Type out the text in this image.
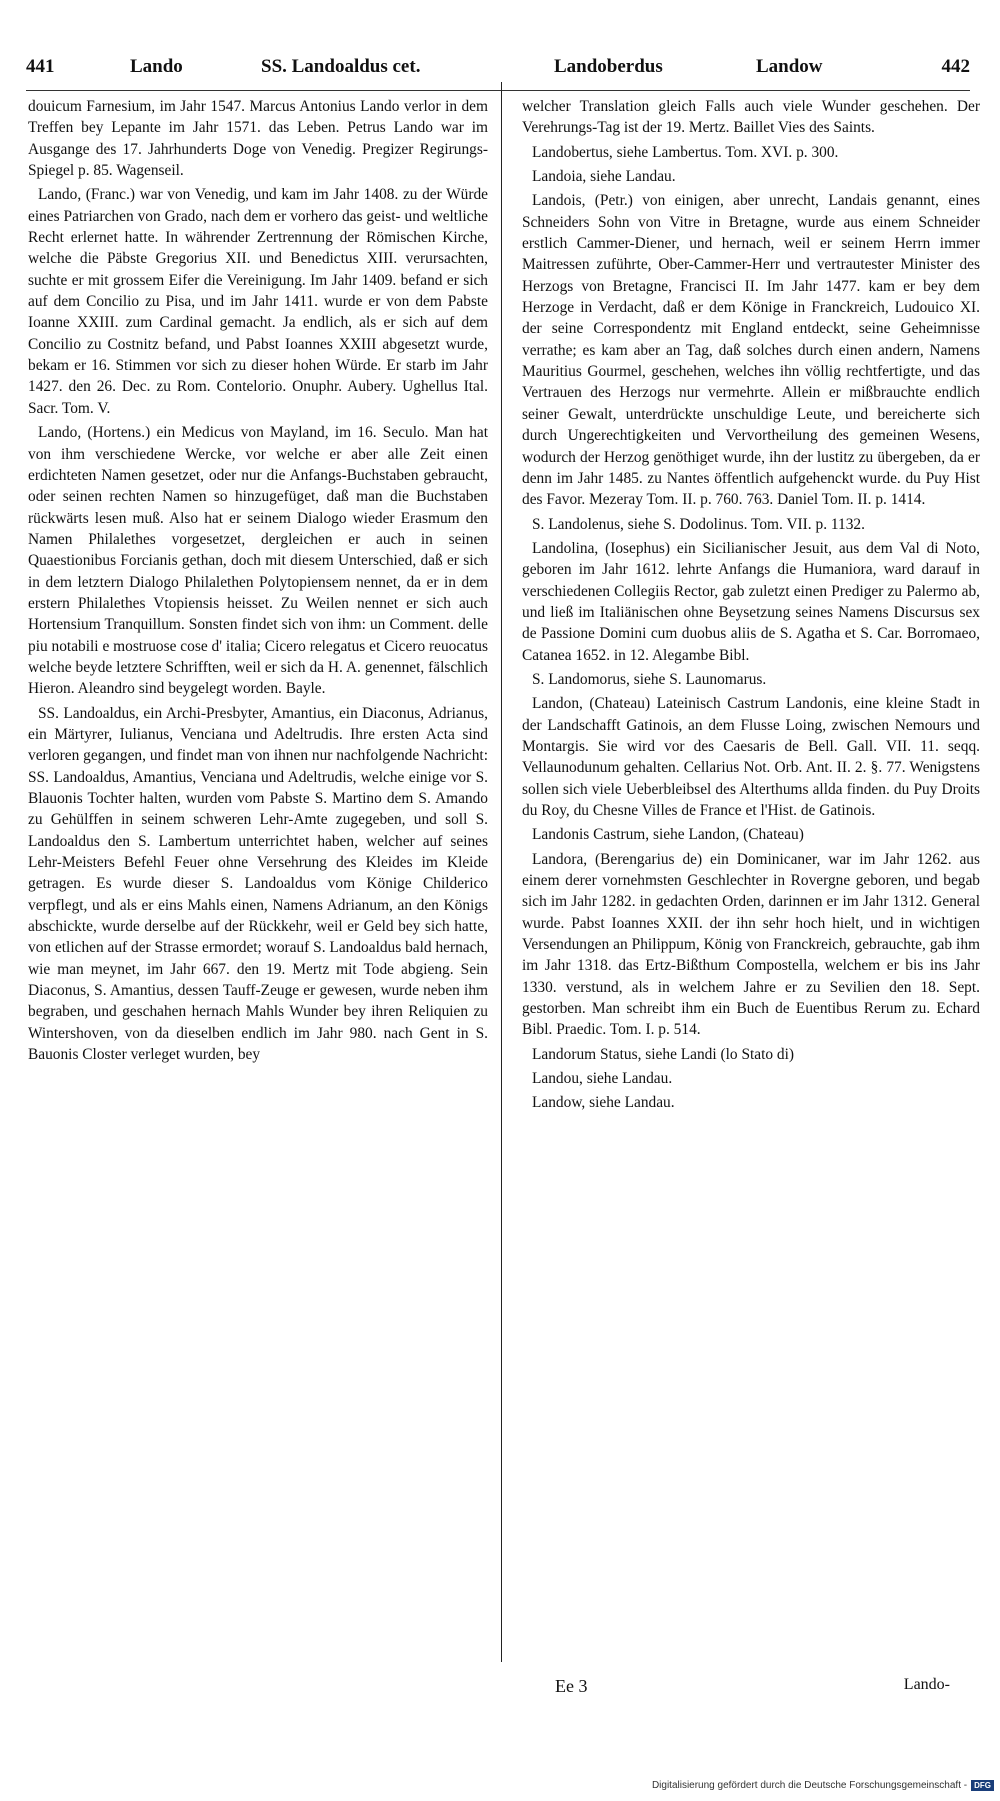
441	Lando	SS. Landoaldus cet.	Landoberdus	Landow	442

douicum Farnesium, im Jahr 1547. Marcus Antonius Lando verlor in dem Treffen bey Lepante im Jahr 1571. das Leben. Petrus Lando war im Ausgange des 17. Jahrhunderts Doge von Venedig. Pregizer Regirungs-Spiegel p. 85. Wagenseil.

Lando, (Franc.) war von Venedig, und kam im Jahr 1408. zu der Würde eines Patriarchen von Grado, nach dem er vorhero das geist- und weltliche Recht erlernet hatte. In währender Zertrennung der Römischen Kirche, welche die Päbste Gregorius XII. und Benedictus XIII. verursachten, suchte er mit grossem Eifer die Vereinigung. Im Jahr 1409. befand er sich auf dem Concilio zu Pisa, und im Jahr 1411. wurde er von dem Pabste Ioanne XXIII. zum Cardinal gemacht. Ja endlich, als er sich auf dem Concilio zu Costnitz befand, und Pabst Ioannes XXIII abgesetzt wurde, bekam er 16. Stimmen vor sich zu dieser hohen Würde. Er starb im Jahr 1427. den 26. Dec. zu Rom. Contelorio. Onuphr. Aubery. Ughellus Ital. Sacr. Tom. V.

Lando, (Hortens.) ein Medicus von Mayland, im 16. Seculo. Man hat von ihm verschiedene Wercke, vor welche er aber alle Zeit einen erdichteten Namen gesetzet, oder nur die Anfangs-Buchstaben gebraucht, oder seinen rechten Namen so hinzugefüget, daß man die Buchstaben rückwärts lesen muß. Also hat er seinem Dialogo wieder Erasmum den Namen Philalethes vorgesetzet, dergleichen er auch in seinen Quaestionibus Forcianis gethan, doch mit diesem Unterschied, daß er sich in dem letztern Dialogo Philalethen Polytopiensem nennet, da er in dem erstern Philalethes Vtopiensis heisset. Zu Weilen nennet er sich auch Hortensium Tranquillum. Sonsten findet sich von ihm: un Comment. delle piu notabili e mostruose cose d' italia; Cicero relegatus et Cicero reuocatus welche beyde letztere Schrifften, weil er sich da H. A. genennet, fälschlich Hieron. Aleandro sind beygelegt worden. Bayle.

SS. Landoaldus, ein Archi-Presbyter, Amantius, ein Diaconus, Adrianus, ein Märtyrer, Iulianus, Venciana und Adeltrudis. Ihre ersten Acta sind verloren gegangen, und findet man von ihnen nur nachfolgende Nachricht: SS. Landoaldus, Amantius, Venciana und Adeltrudis, welche einige vor S. Blauonis Tochter halten, wurden vom Pabste S. Martino dem S. Amando zu Gehülffen in seinem schweren Lehr-Amte zugegeben, und soll S. Landoaldus den S. Lambertum unterrichtet haben, welcher auf seines Lehr-Meisters Befehl Feuer ohne Versehrung des Kleides im Kleide getragen. Es wurde dieser S. Landoaldus vom Könige Childerico verpflegt, und als er eins Mahls einen, Namens Adrianum, an den Königs abschickte, wurde derselbe auf der Rückkehr, weil er Geld bey sich hatte, von etlichen auf der Strasse ermordet; worauf S. Landoaldus bald hernach, wie man meynet, im Jahr 667. den 19. Mertz mit Tode abgieng. Sein Diaconus, S. Amantius, dessen Tauff-Zeuge er gewesen, wurde neben ihm begraben, und geschahen hernach Mahls Wunder bey ihren Reliquien zu Wintershoven, von da dieselben endlich im Jahr 980. nach Gent in S. Bauonis Closter verleget wurden, bey

welcher Translation gleich Falls auch viele Wunder geschehen. Der Verehrungs-Tag ist der 19. Mertz. Baillet Vies des Saints.

Landobertus, siehe Lambertus. Tom. XVI. p. 300.

Landoia, siehe Landau.

Landois, (Petr.) von einigen, aber unrecht, Landais genannt, eines Schneiders Sohn von Vitre in Bretagne, wurde aus einem Schneider erstlich Cammer-Diener, und hernach, weil er seinem Herrn immer Maitressen zuführte, Ober-Cammer-Herr und vertrautester Minister des Herzogs von Bretagne, Francisci II. Im Jahr 1477. kam er bey dem Herzoge in Verdacht, daß er dem Könige in Franckreich, Ludouico XI. der seine Correspondentz mit England entdeckt, seine Geheimnisse verrathe; es kam aber an Tag, daß solches durch einen andern, Namens Mauritius Gourmel, geschehen, welches ihn völlig rechtfertigte, und das Vertrauen des Herzogs nur vermehrte. Allein er mißbrauchte endlich seiner Gewalt, unterdrückte unschuldige Leute, und bereicherte sich durch Ungerechtigkeiten und Vervortheilung des gemeinen Wesens, wodurch der Herzog genöthiget wurde, ihn der lustitz zu übergeben, da er denn im Jahr 1485. zu Nantes öffentlich aufgehenckt wurde. du Puy Hist des Favor. Mezeray Tom. II. p. 760. 763. Daniel Tom. II. p. 1414.

S. Landolenus, siehe S. Dodolinus. Tom. VII. p. 1132.

Landolina, (Iosephus) ein Sicilianischer Jesuit, aus dem Val di Noto, geboren im Jahr 1612. lehrte Anfangs die Humaniora, ward darauf in verschiedenen Collegiis Rector, gab zuletzt einen Prediger zu Palermo ab, und ließ im Italiänischen ohne Beysetzung seines Namens Discursus sex de Passione Domini cum duobus aliis de S. Agatha et S. Car. Borromaeo, Catanea 1652. in 12. Alegambe Bibl.

S. Landomorus, siehe S. Launomarus.

Landon, (Chateau) Lateinisch Castrum Landonis, eine kleine Stadt in der Landschafft Gatinois, an dem Flusse Loing, zwischen Nemours und Montargis. Sie wird vor des Caesaris de Bell. Gall. VII. 11. seqq. Vellaunodunum gehalten. Cellarius Not. Orb. Ant. II. 2. §. 77. Wenigstens sollen sich viele Ueberbleibsel des Alterthums allda finden. du Puy Droits du Roy, du Chesne Villes de France et l'Hist. de Gatinois.

Landonis Castrum, siehe Landon, (Chateau)

Landora, (Berengarius de) ein Dominicaner, war im Jahr 1262. aus einem derer vornehmsten Geschlechter in Rovergne geboren, und begab sich im Jahr 1282. in gedachten Orden, darinnen er im Jahr 1312. General wurde. Pabst Ioannes XXII. der ihn sehr hoch hielt, und in wichtigen Versendungen an Philippum, König von Franckreich, gebrauchte, gab ihm im Jahr 1318. das Ertz-Bißthum Compostella, welchem er bis ins Jahr 1330. verstund, als in welchem Jahre er zu Sevilien den 18. Sept. gestorben. Man schreibt ihm ein Buch de Euentibus Rerum zu. Echard Bibl. Praedic. Tom. I. p. 514.

Landorum Status, siehe Landi (lo Stato di)

Landou, siehe Landau.

Landow, siehe Landau.

Ee 3	Lando-
Digitalisierung gefördert durch die Deutsche Forschungsgemeinschaft - DFG
